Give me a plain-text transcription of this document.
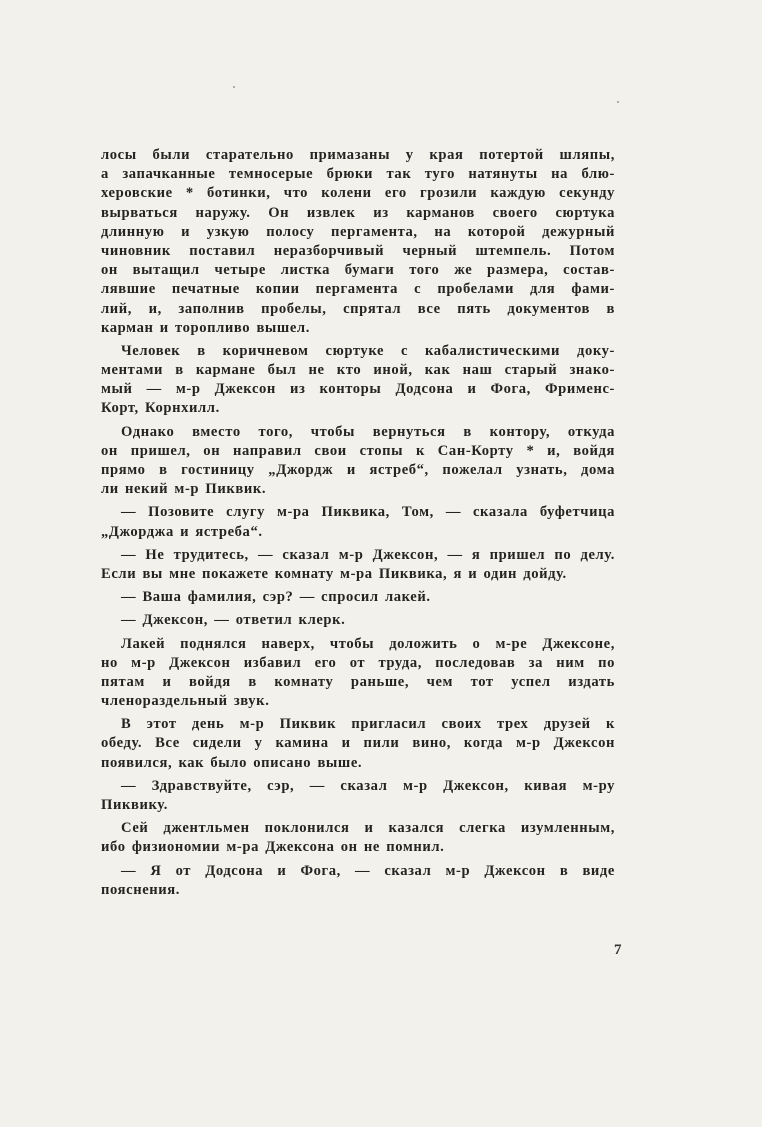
лосы были старательно примазаны у края потертой шляпы,
а запачканные темносерые брюки так туго натянуты на блю-
херовские * ботинки, что колени его грозили каждую секунду
вырваться наружу. Он извлек из карманов своего сюртука
длинную и узкую полосу пергамента, на которой дежурный
чиновник поставил неразборчивый черный штемпель. Потом
он вытащил четыре листка бумаги того же размера, состав-
лявшие печатные копии пергамента с пробелами для фами-
лий, и, заполнив пробелы, спрятал все пять документов в
карман и торопливо вышел.
Человек в коричневом сюртуке с кабалистическими доку-
ментами в кармане был не кто иной, как наш старый знако-
мый — м-р Джексон из конторы Додсона и Фога, Фрименс-
Корт, Корнхилл.
Однако вместо того, чтобы вернуться в контору, откуда
он пришел, он направил свои стопы к Сан-Корту * и, войдя
прямо в гостиницу „Джордж и ястреб“, пожелал узнать, дома
ли некий м-р Пиквик.
— Позовите слугу м-ра Пиквика, Том, — сказала буфетчица
„Джорджа и ястреба“.
— Не трудитесь, — сказал м-р Джексон, — я пришел по делу.
Если вы мне покажете комнату м-ра Пиквика, я и один дойду.
— Ваша фамилия, сэр? — спросил лакей.
— Джексон, — ответил клерк.
Лакей поднялся наверх, чтобы доложить о м-ре Джексоне,
но м-р Джексон избавил его от труда, последовав за ним по
пятам и войдя в комнату раньше, чем тот успел издать
членораздельный звук.
В этот день м-р Пиквик пригласил своих трех друзей к
обеду. Все сидели у камина и пили вино, когда м-р Джексон
появился, как было описано выше.
— Здравствуйте, сэр, — сказал м-р Джексон, кивая м-ру
Пиквику.
Сей джентльмен поклонился и казался слегка изумленным,
ибо физиономии м-ра Джексона он не помнил.
— Я от Додсона и Фога, — сказал м-р Джексон в виде
пояснения.
7
